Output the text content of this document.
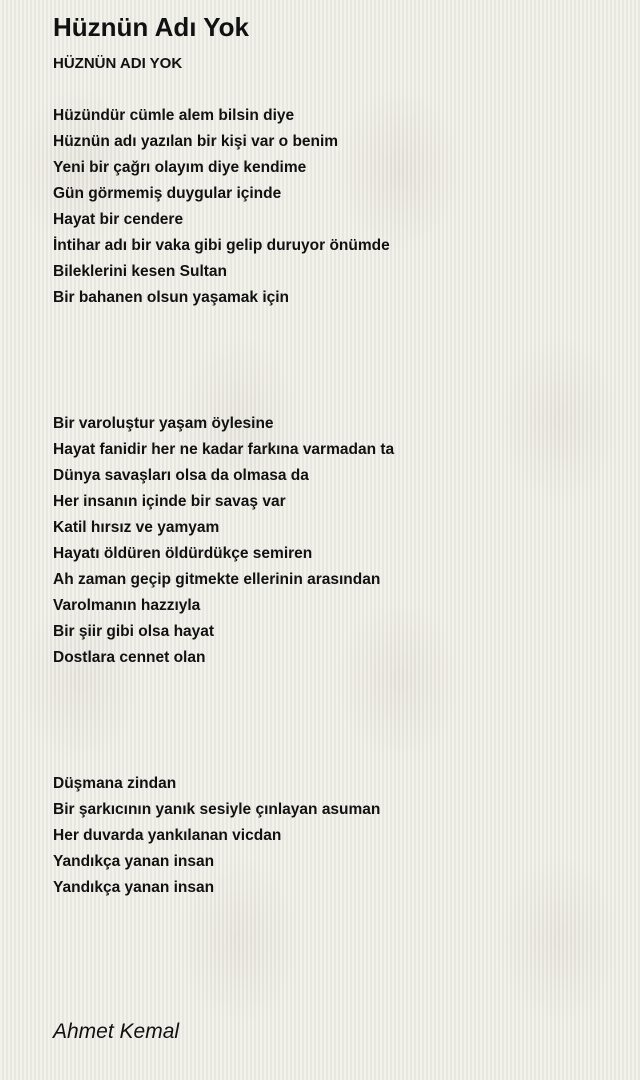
Hüznün Adı Yok
HÜZNÜN ADI YOK
Hüzündür cümle alem bilsin diye
Hüznün adı yazılan bir kişi var o benim
Yeni bir çağrı olayım diye kendime
Gün görmemiş duygular içinde
Hayat bir cendere
İntihar adı bir vaka gibi gelip duruyor önümde
Bileklerini kesen Sultan
Bir bahanen olsun yaşamak için
Bir varoluştur yaşam öylesine
Hayat fanidir her ne kadar farkına varmadan ta
Dünya savaşları olsa da olmasa da
Her insanın içinde bir savaş var
Katil hırsız ve yamyam
Hayatı öldüren öldürdükçe semiren
Ah zaman geçip gitmekte ellerinin arasından
Varolmanın hazzıyla
Bir şiir gibi olsa hayat
Dostlara cennet olan
Düşmana zindan
Bir şarkıcının yanık sesiyle çınlayan asuman
Her duvarda yankılanan vicdan
Yandıkça yanan insan
Yandıkça yanan insan
Ahmet Kemal
